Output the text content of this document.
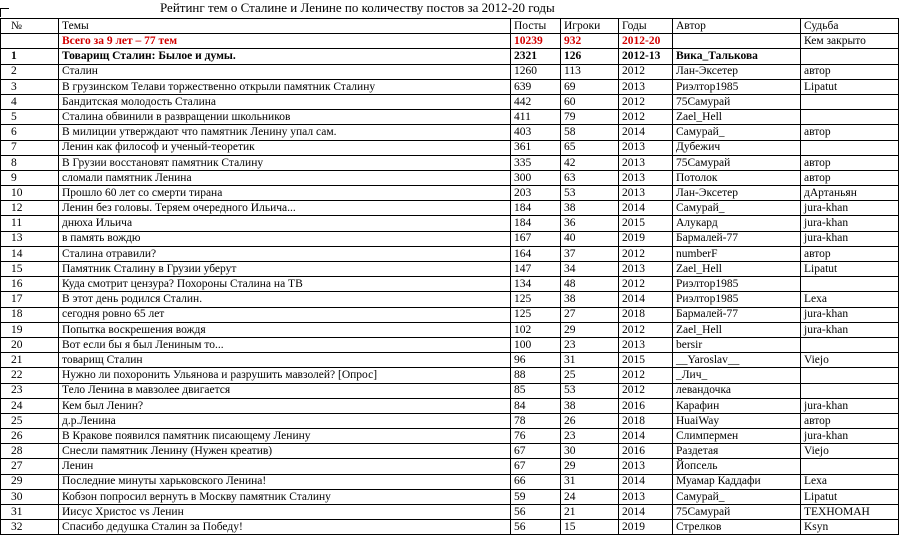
Рейтинг тем о Сталине и Ленине по количеству постов за 2012-20 годы
№	Темы	Посты	Игроки	Годы	Автор	Судьба
	Всего за 9 лет – 77 тем	10239	932	2012-20		Кем закрыто
1	Товарищ Сталин: Былое и думы.	2321	126	2012-13	Вика_Талькова	
2	Сталин	1260	113	2012	Лан-Эксетер	автор
3	В грузинском Телави торжественно открыли памятник Сталину	639	69	2013	Риэлтор1985	Lipatut
4	Бандитская молодость Сталина	442	60	2012	75Самурай	
5	Сталина обвинили в развращении школьников	411	79	2012	Zael_Hell	
6	В милиции утверждают что памятник Ленину упал сам.	403	58	2014	Самурай_	автор
7	Ленин как философ и ученый-теоретик	361	65	2013	Дубежич	
8	В Грузии восстановят памятник Сталину	335	42	2013	75Самурай	автор
9	сломали памятник Ленина	300	63	2013	Потолок	автор
10	Прошло 60 лет со смерти тирана	203	53	2013	Лан-Эксетер	дАртаньян
12	Ленин без головы. Теряем очередного Ильича...	184	38	2014	Самурай_	jura-khan
11	днюха Ильича	184	36	2015	Алукард	jura-khan
13	в память вождю	167	40	2019	Бармалей-77	jura-khan
14	Сталина отравили?	164	37	2012	numberF	автор
15	Памятник Сталину в Грузии уберут	147	34	2013	Zael_Hell	Lipatut
16	Куда смотрит цензура? Похороны Сталина на ТВ	134	48	2012	Риэлтор1985	
17	В этот день родился Сталин.	125	38	2014	Риэлтор1985	Lexa
18	сегодня ровно 65 лет	125	27	2018	Бармалей-77	jura-khan
19	Попытка воскрешения вождя	102	29	2012	Zael_Hell	jura-khan
20	Вот если бы я был Лениным то...	100	23	2013	bersir	
21	товарищ Сталин	96	31	2015	__Yaroslav__	Viejo
22	Нужно ли похоронить Ульянова и разрушить мавзолей? [Опрос]	88	25	2012	_Лич_	
23	Тело Ленина в мавзолее двигается	85	53	2012	левандочка	
24	Кем был Ленин?	84	38	2016	Карафин	jura-khan
25	д.р.Ленина	78	26	2018	HuaiWay	автор
26	В Кракове появился памятник писающему Ленину	76	23	2014	Слимпермен	jura-khan
28	Снесли памятник Ленину (Нужен креатив)	67	30	2016	Раздетая	Viejo
27	Ленин	67	29	2013	Йопсель	
29	Последние минуты харьковского Ленина!	66	31	2014	Муамар Каддафи	Lexa
30	Кобзон попросил вернуть в Москву памятник Сталину	59	24	2013	Самурай_	Lipatut
31	Иисус Христос vs Ленин	56	21	2014	75Самурай	ТЕХНОМАН
32	Спасибо дедушка Сталин за Победу!	56	15	2019	Стрелков	Ksyn
